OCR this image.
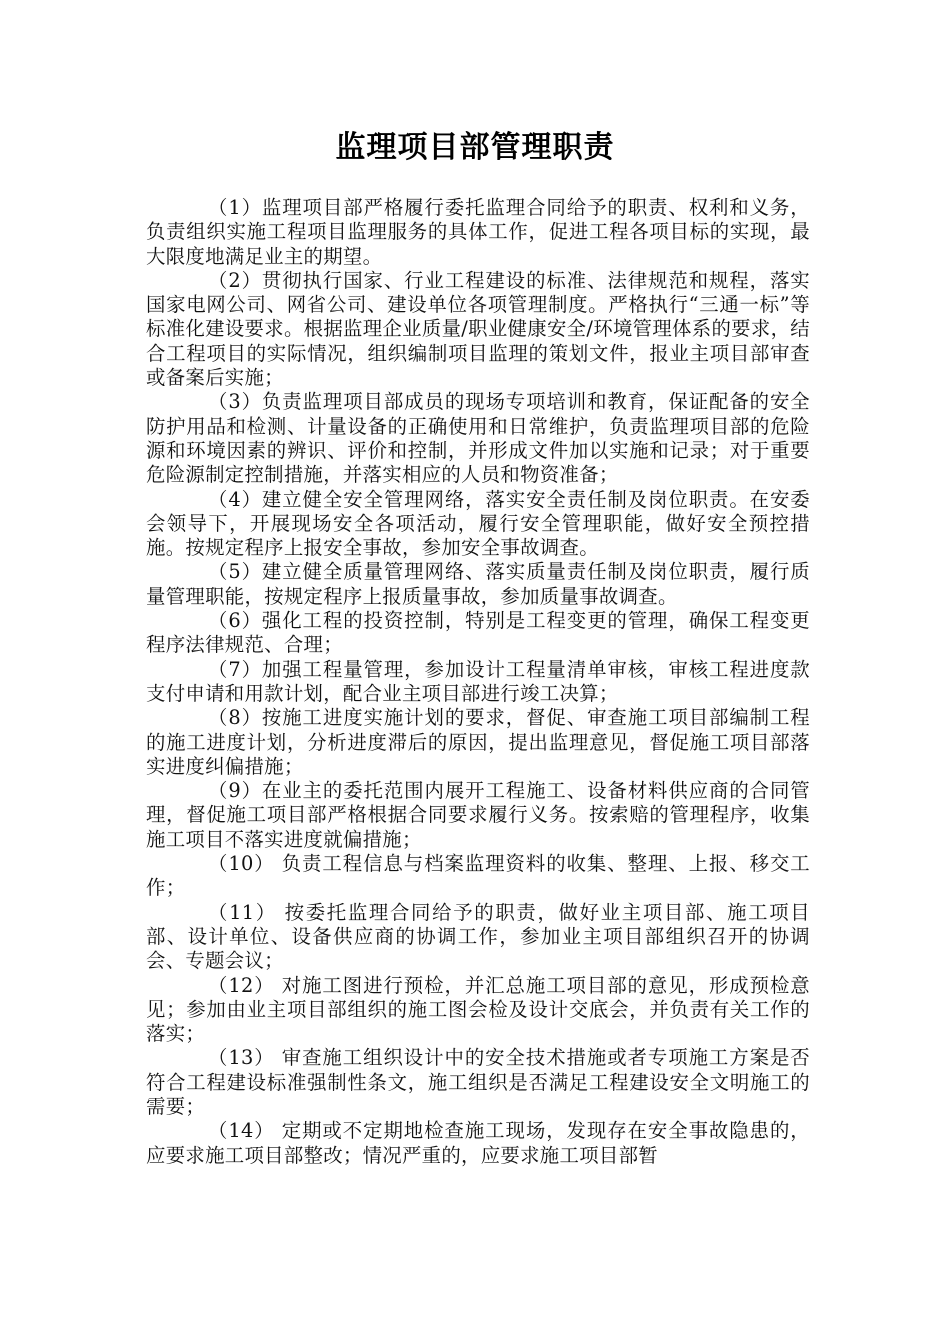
监理项目部管理职责

（1）监理项目部严格履行委托监理合同给予的职责、权利和义务，负责组织实施工程项目监理服务的具体工作，促进工程各项目标的实现，最大限度地满足业主的期望。

（2）贯彻执行国家、行业工程建设的标准、法律规范和规程，落实国家电网公司、网省公司、建设单位各项管理制度。严格执行“三通一标”等标准化建设要求。根据监理企业质量/职业健康安全/环境管理体系的要求，结合工程项目的实际情况，组织编制项目监理的策划文件，报业主项目部审查或备案后实施；

（3）负责监理项目部成员的现场专项培训和教育，保证配备的安全防护用品和检测、计量设备的正确使用和日常维护，负责监理项目部的危险源和环境因素的辨识、评价和控制，并形成文件加以实施和记录；对于重要危险源制定控制措施，并落实相应的人员和物资准备；

（4）建立健全安全管理网络，落实安全责任制及岗位职责。在安委会领导下，开展现场安全各项活动，履行安全管理职能，做好安全预控措施。按规定程序上报安全事故，参加安全事故调查。

（5）建立健全质量管理网络、落实质量责任制及岗位职责，履行质量管理职能，按规定程序上报质量事故，参加质量事故调查。

（6）强化工程的投资控制，特别是工程变更的管理，确保工程变更程序法律规范、合理；

（7）加强工程量管理，参加设计工程量清单审核，审核工程进度款支付申请和用款计划，配合业主项目部进行竣工决算；

（8）按施工进度实施计划的要求，督促、审查施工项目部编制工程的施工进度计划，分析进度滞后的原因，提出监理意见，督促施工项目部落实进度纠偏措施；

（9）在业主的委托范围内展开工程施工、设备材料供应商的合同管理，督促施工项目部严格根据合同要求履行义务。按索赔的管理程序，收集施工项目不落实进度就偏措施；

（10） 负责工程信息与档案监理资料的收集、整理、上报、移交工作；

（11） 按委托监理合同给予的职责，做好业主项目部、施工项目部、设计单位、设备供应商的协调工作，参加业主项目部组织召开的协调会、专题会议；

（12） 对施工图进行预检，并汇总施工项目部的意见，形成预检意见；参加由业主项目部组织的施工图会检及设计交底会，并负责有关工作的落实；

（13） 审查施工组织设计中的安全技术措施或者专项施工方案是否符合工程建设标准强制性条文，施工组织是否满足工程建设安全文明施工的需要；

（14） 定期或不定期地检查施工现场，发现存在安全事故隐患的，应要求施工项目部整改；情况严重的，应要求施工项目部暂
